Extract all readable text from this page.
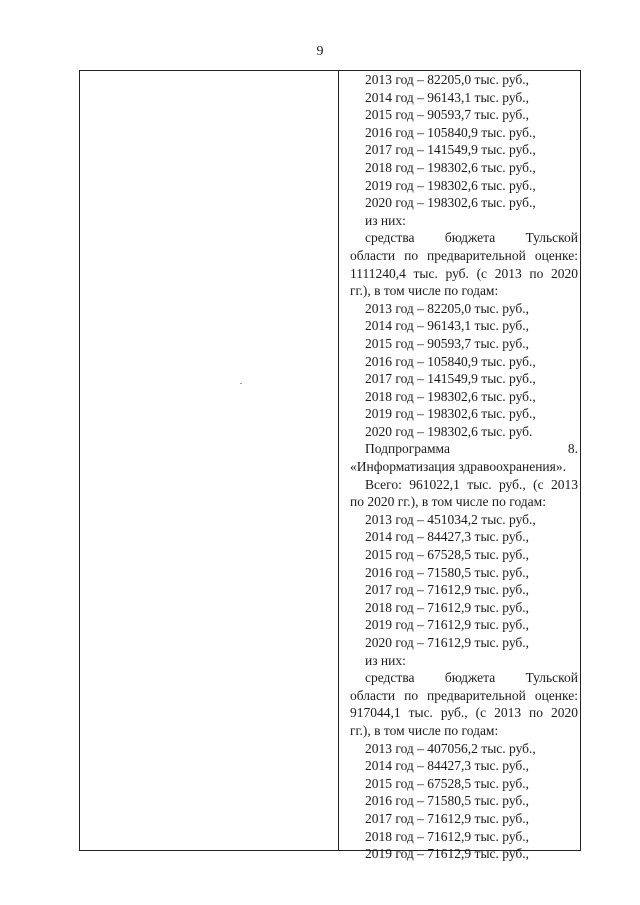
9
2013 год – 82205,0 тыс. руб.,
2014 год – 96143,1 тыс. руб.,
2015 год – 90593,7 тыс. руб.,
2016 год – 105840,9 тыс. руб.,
2017 год – 141549,9 тыс. руб.,
2018 год – 198302,6 тыс. руб.,
2019 год – 198302,6 тыс. руб.,
2020 год – 198302,6 тыс. руб.,
из них:
средства бюджета Тульской
области по предварительной оценке:
1111240,4 тыс. руб. (с 2013 по 2020
гг.), в том числе по годам:
2013 год – 82205,0 тыс. руб.,
2014 год – 96143,1 тыс. руб.,
2015 год – 90593,7 тыс. руб.,
2016 год – 105840,9 тыс. руб.,
2017 год – 141549,9 тыс. руб.,
2018 год – 198302,6 тыс. руб.,
2019 год – 198302,6 тыс. руб.,
2020 год – 198302,6 тыс. руб.
Подпрограмма 8.
«Информатизация здравоохранения».
Всего: 961022,1 тыс. руб., (с 2013
по 2020 гг.), в том числе по годам:
2013 год – 451034,2 тыс. руб.,
2014 год – 84427,3 тыс. руб.,
2015 год – 67528,5 тыс. руб.,
2016 год – 71580,5 тыс. руб.,
2017 год – 71612,9 тыс. руб.,
2018 год – 71612,9 тыс. руб.,
2019 год – 71612,9 тыс. руб.,
2020 год – 71612,9 тыс. руб.,
из них:
средства бюджета Тульской
области по предварительной оценке:
917044,1 тыс. руб., (с 2013 по 2020
гг.), в том числе по годам:
2013 год – 407056,2 тыс. руб.,
2014 год – 84427,3 тыс. руб.,
2015 год – 67528,5 тыс. руб.,
2016 год – 71580,5 тыс. руб.,
2017 год – 71612,9 тыс. руб.,
2018 год – 71612,9 тыс. руб.,
2019 год – 71612,9 тыс. руб.,
